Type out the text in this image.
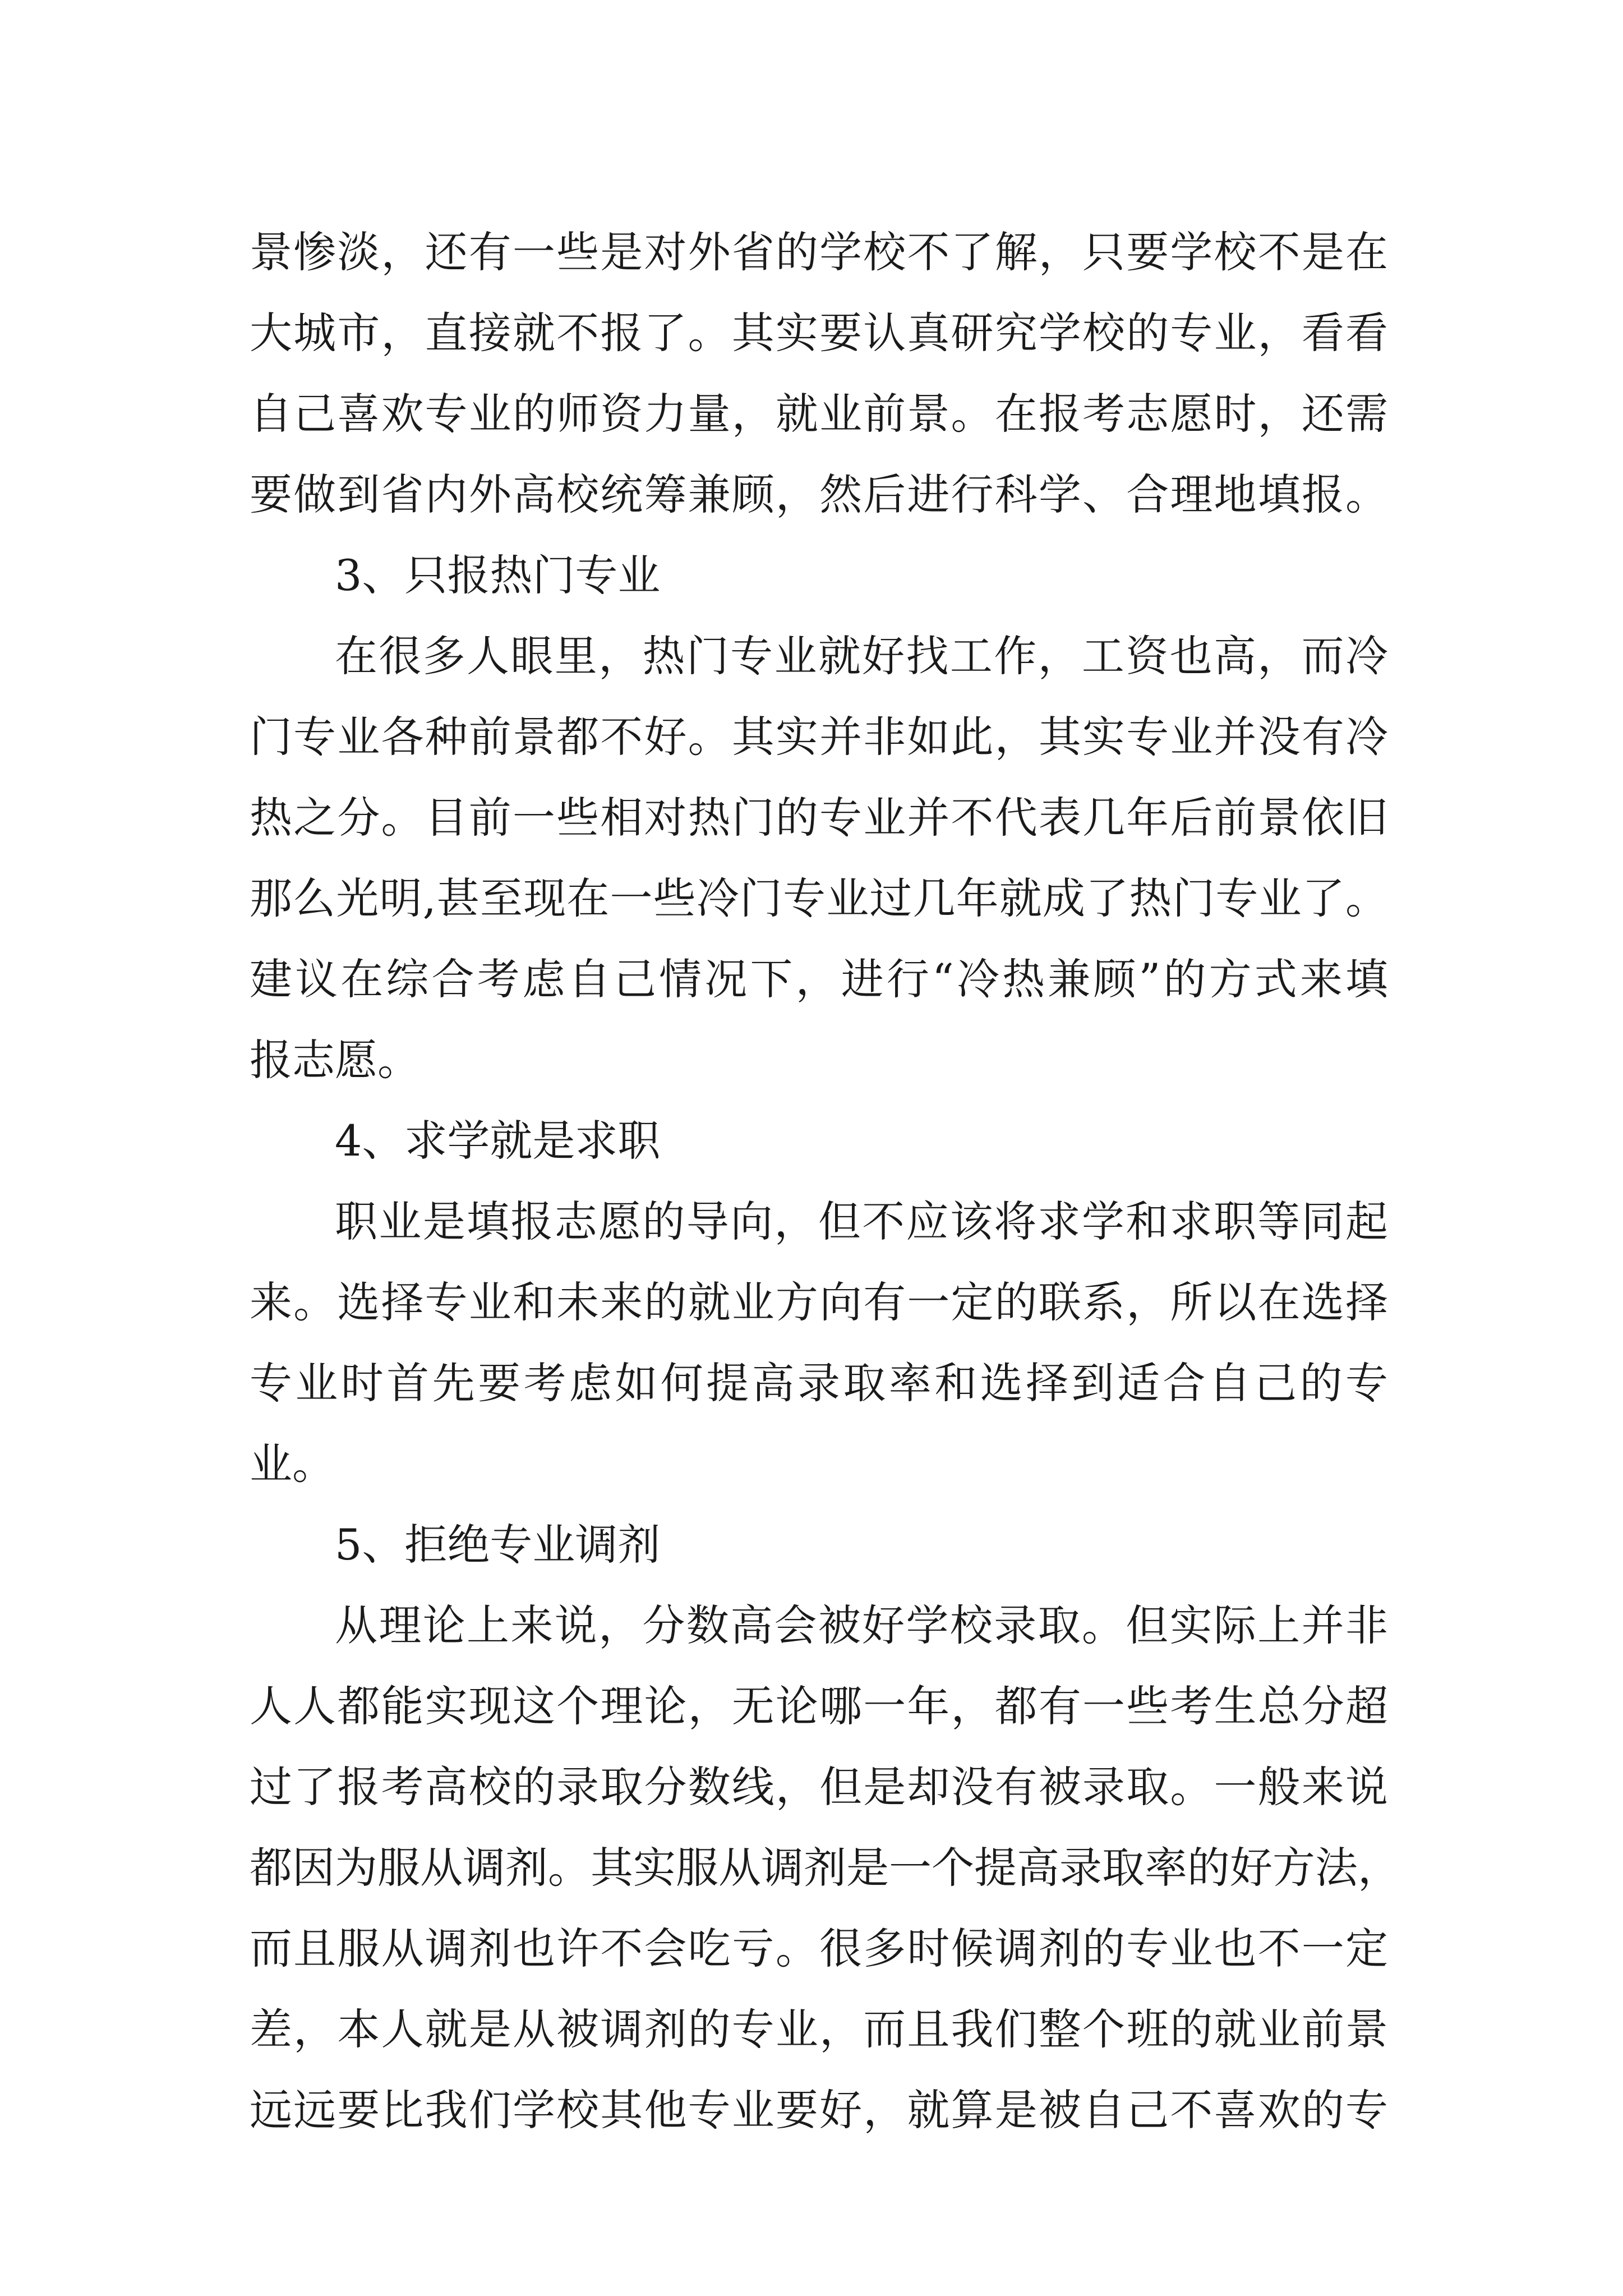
景惨淡，还有一些是对外省的学校不了解，只要学校不是在
大城市，直接就不报了。其实要认真研究学校的专业，看看
自己喜欢专业的师资力量，就业前景。在报考志愿时，还需
要做到省内外高校统筹兼顾，然后进行科学、合理地填报。
3、只报热门专业
在很多人眼里，热门专业就好找工作，工资也高，而冷
门专业各种前景都不好。其实并非如此，其实专业并没有冷
热之分。目前一些相对热门的专业并不代表几年后前景依旧
那么光明,甚至现在一些冷门专业过几年就成了热门专业了。
建议在综合考虑自己情况下，进行“冷热兼顾”的方式来填
报志愿。
4、求学就是求职
职业是填报志愿的导向，但不应该将求学和求职等同起
来。选择专业和未来的就业方向有一定的联系，所以在选择
专业时首先要考虑如何提高录取率和选择到适合自己的专
业。
5、拒绝专业调剂
从理论上来说，分数高会被好学校录取。但实际上并非
人人都能实现这个理论，无论哪一年，都有一些考生总分超
过了报考高校的录取分数线，但是却没有被录取。一般来说
都因为服从调剂。其实服从调剂是一个提高录取率的好方法，
而且服从调剂也许不会吃亏。很多时候调剂的专业也不一定
差，本人就是从被调剂的专业，而且我们整个班的就业前景
远远要比我们学校其他专业要好，就算是被自己不喜欢的专
